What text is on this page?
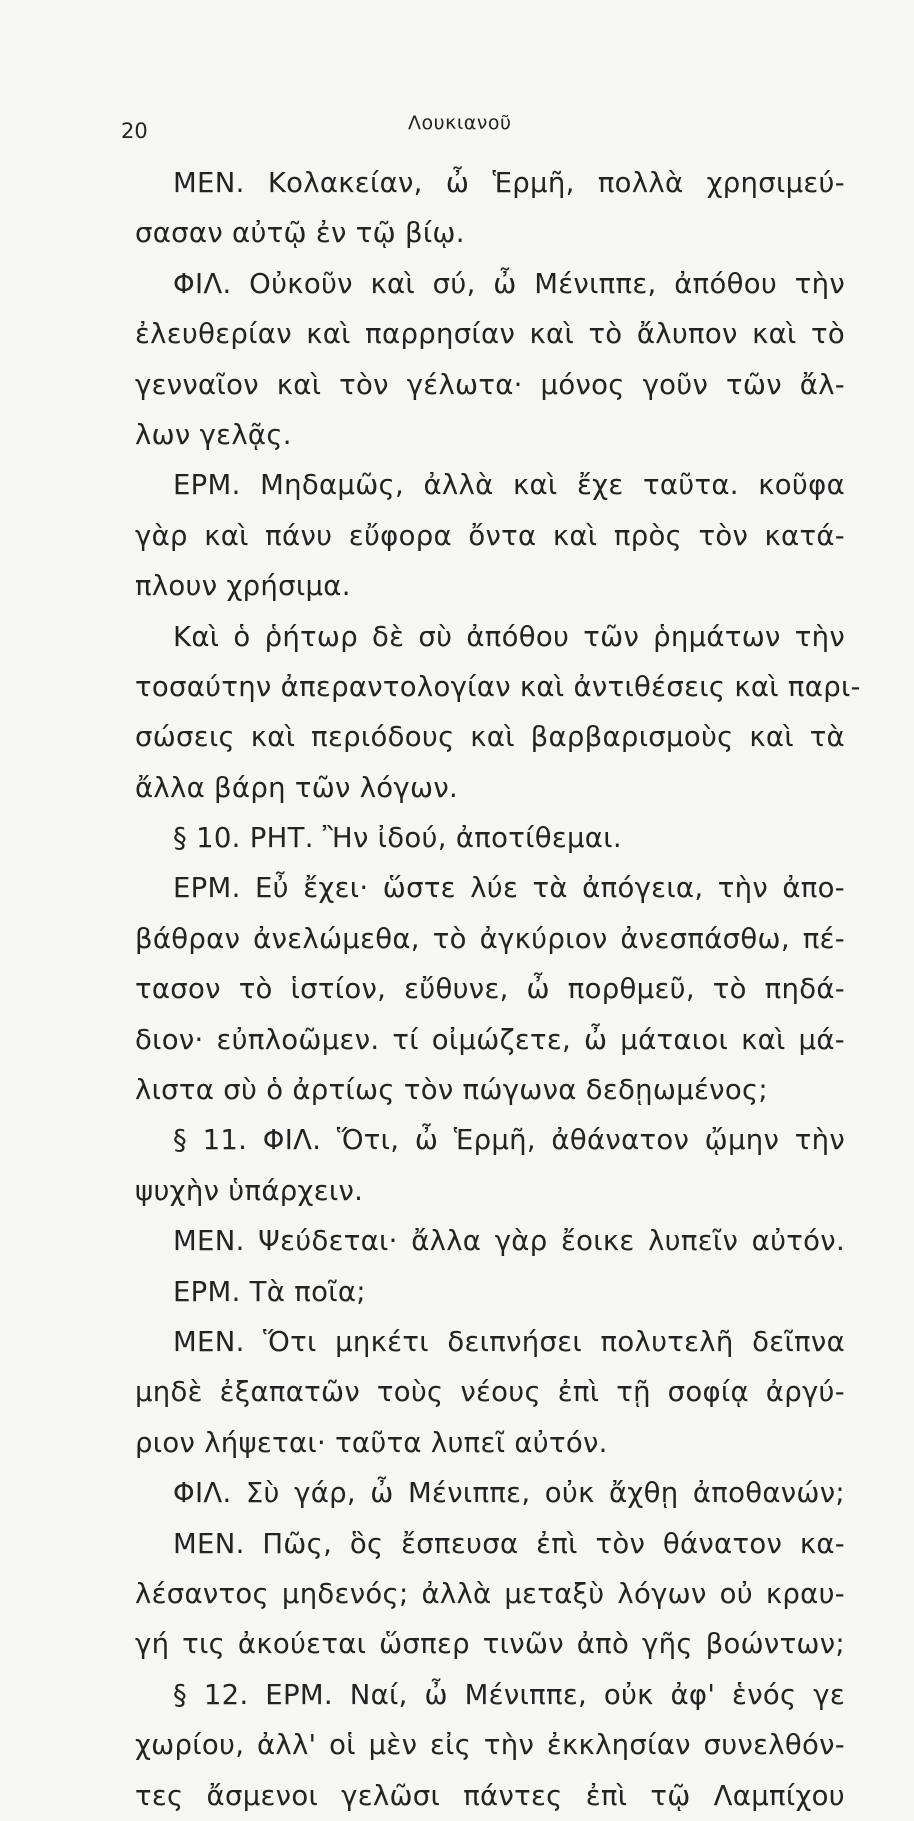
20	Λουκιανοῦ
ΜΕΝ. Κολακείαν, ὦ Ἑρμῆ, πολλὰ χρησιμεύ-
σασαν αὐτῷ ἐν τῷ βίῳ.
ΦΙΛ. Οὐκοῦν καὶ σύ, ὦ Μένιππε, ἀπόθου τὴν
ἐλευθερίαν καὶ παρρησίαν καὶ τὸ ἄλυπον καὶ τὸ
γενναῖον καὶ τὸν γέλωτα· μόνος γοῦν τῶν ἄλ-
λων γελᾷς.
ΕΡΜ. Μηδαμῶς, ἀλλὰ καὶ ἔχε ταῦτα. κοῦφα
γὰρ καὶ πάνυ εὔφορα ὄντα καὶ πρὸς τὸν κατά-
πλουν χρήσιμα.
Καὶ ὁ ῥήτωρ δὲ σὺ ἀπόθου τῶν ῥημάτων τὴν
τοσαύτην ἀπεραντολογίαν καὶ ἀντιθέσεις καὶ παρι-
σώσεις καὶ περιόδους καὶ βαρβαρισμοὺς καὶ τὰ
ἄλλα βάρη τῶν λόγων.
§ 10. ΡΗΤ. Ἢν ἰδού, ἀποτίθεμαι.
ΕΡΜ. Εὖ ἔχει· ὥστε λύε τὰ ἀπόγεια, τὴν ἀπο-
βάθραν ἀνελώμεθα, τὸ ἀγκύριον ἀνεσπάσθω, πέ-
τασον τὸ ἱστίον, εὔθυνε, ὦ πορθμεῦ, τὸ πηδά-
διον· εὐπλοῶμεν. τί οἰμώζετε, ὦ μάταιοι καὶ μά-
λιστα σὺ ὁ ἀρτίως τὸν πώγωνα δεδῃωμένος;
§ 11. ΦΙΛ. Ὅτι, ὦ Ἑρμῆ, ἀθάνατον ᾤμην τὴν
ψυχὴν ὑπάρχειν.
ΜΕΝ. Ψεύδεται· ἄλλα γὰρ ἔοικε λυπεῖν αὐτόν.
ΕΡΜ. Τὰ ποῖα;
ΜΕΝ. Ὅτι μηκέτι δειπνήσει πολυτελῆ δεῖπνα
μηδὲ ἐξαπατῶν τοὺς νέους ἐπὶ τῇ σοφίᾳ ἀργύ-
ριον λήψεται· ταῦτα λυπεῖ αὐτόν.
ΦΙΛ. Σὺ γάρ, ὦ Μένιππε, οὐκ ἄχθῃ ἀποθανών;
ΜΕΝ. Πῶς, ὃς ἔσπευσα ἐπὶ τὸν θάνατον κα-
λέσαντος μηδενός; ἀλλὰ μεταξὺ λόγων οὐ κραυ-
γή τις ἀκούεται ὥσπερ τινῶν ἀπὸ γῆς βοώντων;
§ 12. ΕΡΜ. Ναί, ὦ Μένιππε, οὐκ ἀφ' ἑνός γε
χωρίου, ἀλλ' οἱ μὲν εἰς τὴν ἐκκλησίαν συνελθόν-
τες ἄσμενοι γελῶσι πάντες ἐπὶ τῷ Λαμπίχου
